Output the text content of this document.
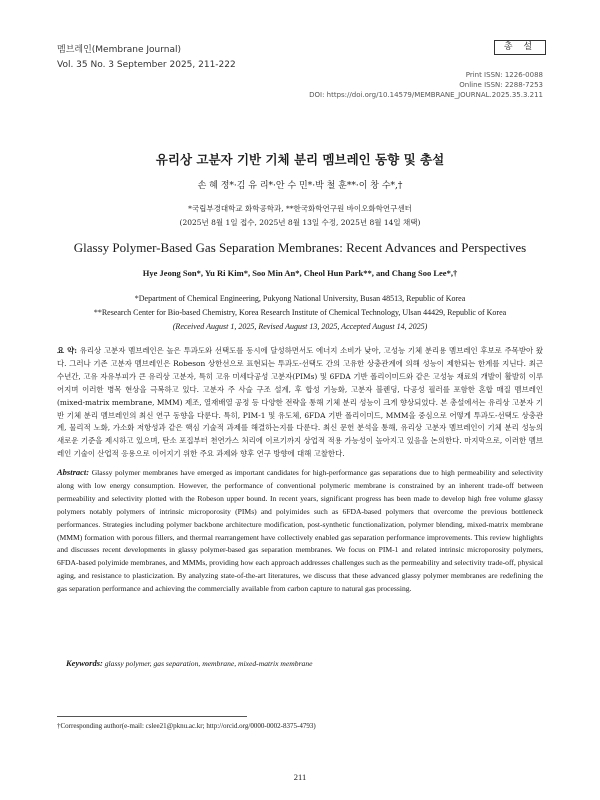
멤브레인(Membrane Journal)
Vol. 35 No. 3 September 2025, 211-222
총 설
Print ISSN: 1226-0088
Online ISSN: 2288-7253
DOI: https://doi.org/10.14579/MEMBRANE_JOURNAL.2025.35.3.211
유리상 고분자 기반 기체 분리 멤브레인 동향 및 총설
손 혜 정*·김 유 리*·안 수 민*·박 철 훈**·이 창 수*,†
*국립부경대학교 화학공학과, **한국화학연구원 바이오화학연구센터
(2025년 8월 1일 접수, 2025년 8월 13일 수정, 2025년 8월 14일 채택)
Glassy Polymer-Based Gas Separation Membranes: Recent Advances and Perspectives
Hye Jeong Son*, Yu Ri Kim*, Soo Min An*, Cheol Hun Park**, and Chang Soo Lee*,†
*Department of Chemical Engineering, Pukyong National University, Busan 48513, Republic of Korea
**Research Center for Bio-based Chemistry, Korea Research Institute of Chemical Technology, Ulsan 44429, Republic of Korea
(Received August 1, 2025, Revised August 13, 2025, Accepted August 14, 2025)
요 약: 유리상 고분자 멤브레인은 높은 투과도와 선택도를 동시에 달성하면서도 에너지 소비가 낮아, 고성능 기체 분리용 멤브레인 후보로 주목받아 왔다. 그러나 기존 고분자 멤브레인은 Robeson 상한선으로 표현되는 투과도-선택도 간의 고유한 상충관계에 의해 성능이 제한되는 한계를 지닌다. 최근 수년간, 고유 자유부피가 큰 유리상 고분자, 특히 고유 미세다공성 고분자(PIMs) 및 6FDA 기반 폴리이미드와 같은 고성능 재료의 개발이 활발히 이루어지며 이러한 병목 현상을 극복하고 있다. 고분자 주 사슬 구조 설계, 후 합성 기능화, 고분자 블렌딩, 다공성 필러를 포함한 혼합 매질 멤브레인(mixed-matrix membrane, MMM) 제조, 열재배열 공정 등 다양한 전략을 통해 기체 분리 성능이 크게 향상되었다. 본 총설에서는 유리상 고분자 기반 기체 분리 멤브레인의 최신 연구 동향을 다룬다. 특히, PIM-1 및 유도체, 6FDA 기반 폴리이미드, MMM을 중심으로 어떻게 투과도-선택도 상충관계, 물리적 노화, 가소화 저항성과 같은 핵심 기술적 과제를 해결하는지를 다룬다. 최신 문헌 분석을 통해, 유리상 고분자 멤브레인이 기체 분리 성능의 새로운 기준을 제시하고 있으며, 탄소 포집부터 천연가스 처리에 이르기까지 상업적 적용 가능성이 높아지고 있음을 논의한다. 마지막으로, 이러한 멤브레인 기술이 산업적 응용으로 이어지기 위한 주요 과제와 향후 연구 방향에 대해 고찰한다.
Abstract: Glassy polymer membranes have emerged as important candidates for high-performance gas separations due to high permeability and selectivity along with low energy consumption. However, the performance of conventional polymeric membrane is constrained by an inherent trade-off between permeability and selectivity plotted with the Robeson upper bound. In recent years, significant progress has been made to develop high free volume glassy polymers notably polymers of intrinsic microporosity (PIMs) and polyimides such as 6FDA-based polymers that overcome the previous bottleneck performances. Strategies including polymer backbone architecture modification, post-synthetic functionalization, polymer blending, mixed-matrix membrane (MMM) formation with porous fillers, and thermal rearrangement have collectively enabled gas separation performance improvements. This review highlights and discusses recent developments in glassy polymer-based gas separation membranes. We focus on PIM-1 and related intrinsic microporosity polymers, 6FDA-based polyimide membranes, and MMMs, providing how each approach addresses challenges such as the permeability and selectivity trade-off, physical aging, and resistance to plasticization. By analyzing state-of-the-art literatures, we discuss that these advanced glassy polymer membranes are redefining the gas separation performance and achieving the commercially available from carbon capture to natural gas processing.
Keywords: glassy polymer, gas separation, membrane, mixed-matrix membrane
†Corresponding author(e-mail: cslee21@pknu.ac.kr; http://orcid.org/0000-0002-8375-4793)
211
